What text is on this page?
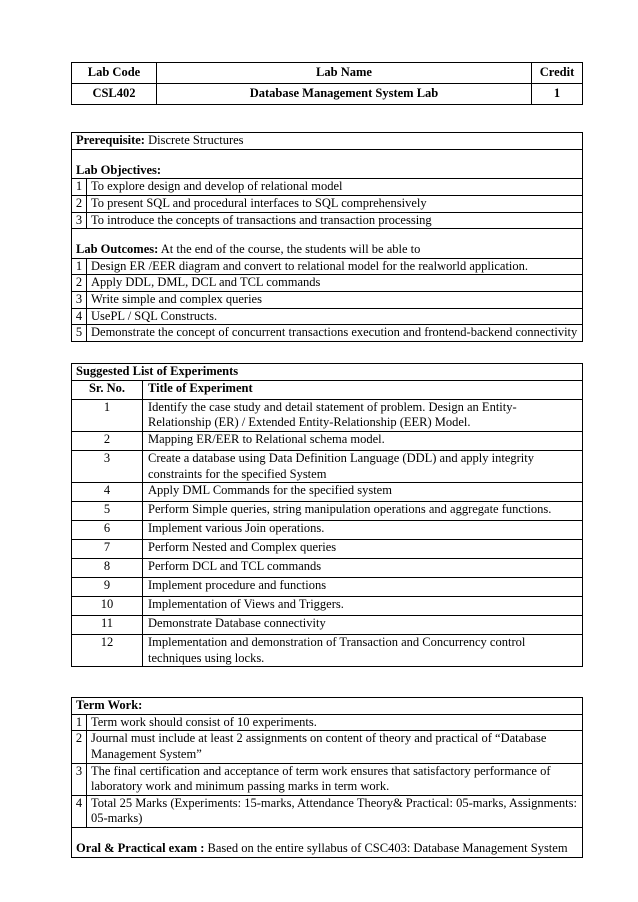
Lab Code	Lab Name	Credit
CSL402	Database Management System Lab	1
Prerequisite: Discrete Structures	
Lab Objectives:	
1	To explore design and develop of relational model
2	To present SQL and procedural interfaces to SQL comprehensively
3	To introduce the concepts of transactions and transaction processing
Lab Outcomes: At the end of the course, the students will be able to	
1	Design ER /EER diagram and convert to relational model for the realworld application.
2	Apply DDL, DML, DCL and TCL commands
3	Write simple and complex queries
4	UsePL / SQL Constructs.
5	Demonstrate the concept of concurrent transactions execution and frontend-backend connectivity
Suggested List of Experiments	
Sr. No.	Title of Experiment
1	Identify the case study and detail statement of problem. Design an Entity-Relationship (ER) / Extended Entity-Relationship (EER) Model.
2	Mapping ER/EER to Relational schema model.
3	Create a database using Data Definition Language (DDL) and apply integrity constraints for the specified System
4	Apply DML Commands for the specified system
5	Perform Simple queries, string manipulation operations and aggregate functions.
6	Implement various Join operations.
7	Perform Nested and Complex queries
8	Perform DCL and TCL commands
9	Implement procedure and functions
10	Implementation of Views and Triggers.
11	Demonstrate Database connectivity
12	Implementation and demonstration of Transaction and Concurrency control techniques using locks.
Term Work:	
1	Term work should consist of 10 experiments.
2	Journal must include at least 2 assignments on content of theory and practical of “Database Management System”
3	The final certification and acceptance of term work ensures that satisfactory performance of laboratory work and minimum passing marks in term work.
4	Total 25 Marks (Experiments: 15-marks, Attendance Theory& Practical: 05-marks, Assignments: 05-marks)
Oral & Practical exam : Based on the entire syllabus of CSC403: Database Management System	
